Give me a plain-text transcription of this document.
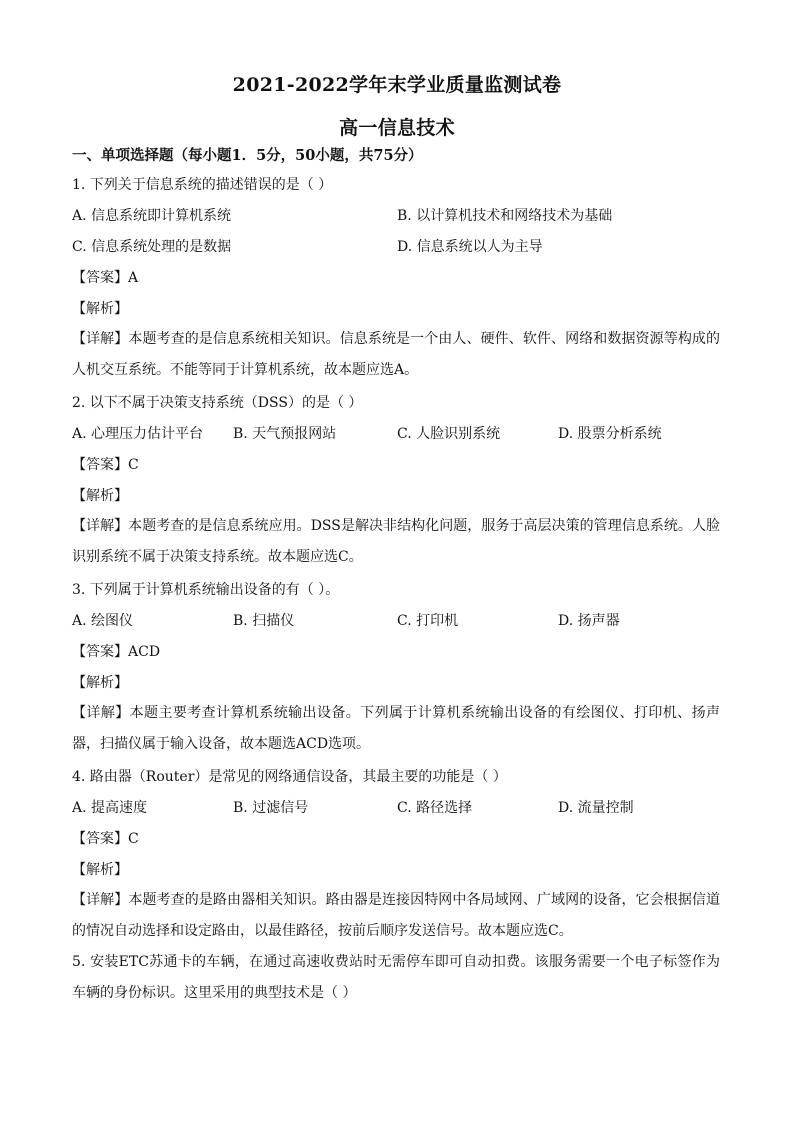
2021-2022学年末学业质量监测试卷
高一信息技术
一、单项选择题（每小题1．5分，50小题，共75分）
1. 下列关于信息系统的描述错误的是（ ）
A. 信息系统即计算机系统	B. 以计算机技术和网络技术为基础
C. 信息系统处理的是数据	D. 信息系统以人为主导
【答案】A
【解析】
【详解】本题考查的是信息系统相关知识。信息系统是一个由人、硬件、软件、网络和数据资源等构成的人机交互系统。不能等同于计算机系统，故本题应选A。
2. 以下不属于决策支持系统（DSS）的是（ ）
A. 心理压力估计平台 B. 天气预报网站	C. 人脸识别系统	D. 股票分析系统
【答案】C
【解析】
【详解】本题考查的是信息系统应用。DSS是解决非结构化问题，服务于高层决策的管理信息系统。人脸识别系统不属于决策支持系统。故本题应选C。
3. 下列属于计算机系统输出设备的有（ ）。
A. 绘图仪	B. 扫描仪	C. 打印机	D. 扬声器
【答案】ACD
【解析】
【详解】本题主要考查计算机系统输出设备。下列属于计算机系统输出设备的有绘图仪、打印机、扬声器，扫描仪属于输入设备，故本题选ACD选项。
4. 路由器（Router）是常见的网络通信设备，其最主要的功能是（ ）
A. 提高速度	B. 过滤信号	C. 路径选择	D. 流量控制
【答案】C
【解析】
【详解】本题考查的是路由器相关知识。路由器是连接因特网中各局域网、广域网的设备，它会根据信道的情况自动选择和设定路由，以最佳路径，按前后顺序发送信号。故本题应选C。
5. 安装ETC苏通卡的车辆，在通过高速收费站时无需停车即可自动扣费。该服务需要一个电子标签作为车辆的身份标识。这里采用的典型技术是（ ）
